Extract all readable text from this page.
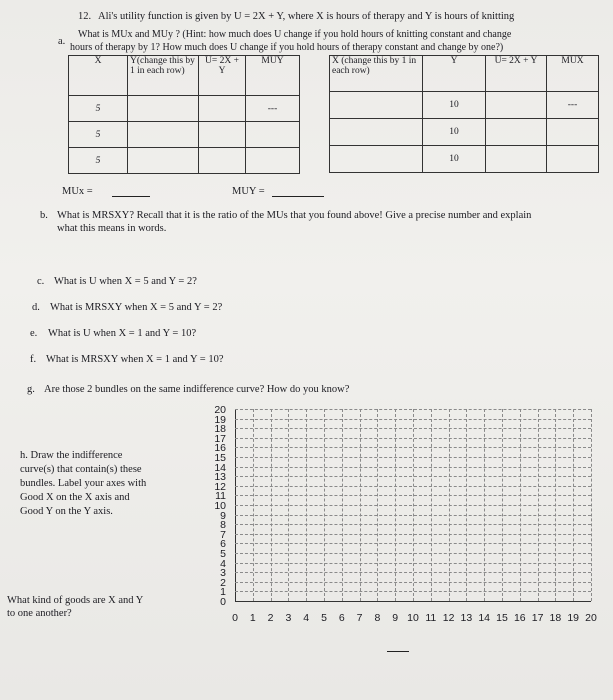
12. Ali's utility function is given by U = 2X + Y, where X is hours of therapy and Y is hours of knitting
a.
What is MUx and MUy ? (Hint: how much does U change if you hold hours of knitting constant and change
hours of therapy by 1? How much does U change if you hold hours of therapy constant and change by one?)
X	Y(change this by 1 in each row)	U= 2X + Y	MUY
5			---
5			
5			
X (change this by 1 in each row)	Y	U= 2X + Y	MUX
	10		---
	10		
	10		
MUx =	MUY =
b. What is MRSXY? Recall that it is the ratio of the MUs that you found above! Give a precise number and explain
what this means in words.
c. What is U when X = 5 and Y = 2?
d. What is MRSXY when X = 5 and Y = 2?
e. What is U when X = 1 and Y = 10?
f. What is MRSXY when X = 1 and Y = 10?
g. Are those 2 bundles on the same indifference curve? How do you know?
h. Draw the indifference
curve(s) that contain(s) these
bundles. Label your axes with
Good X on the X axis and
Good Y on the Y axis.
What kind of goods are X and Y
to one another?
20
19
18
17
16
15
14
13
12
11
10
9
8
7
6
5
4
3
2
1
0
0	1	2	3	4	5	6	7	8	9 10 11 12 13 14 15 16 17 18 19 20
